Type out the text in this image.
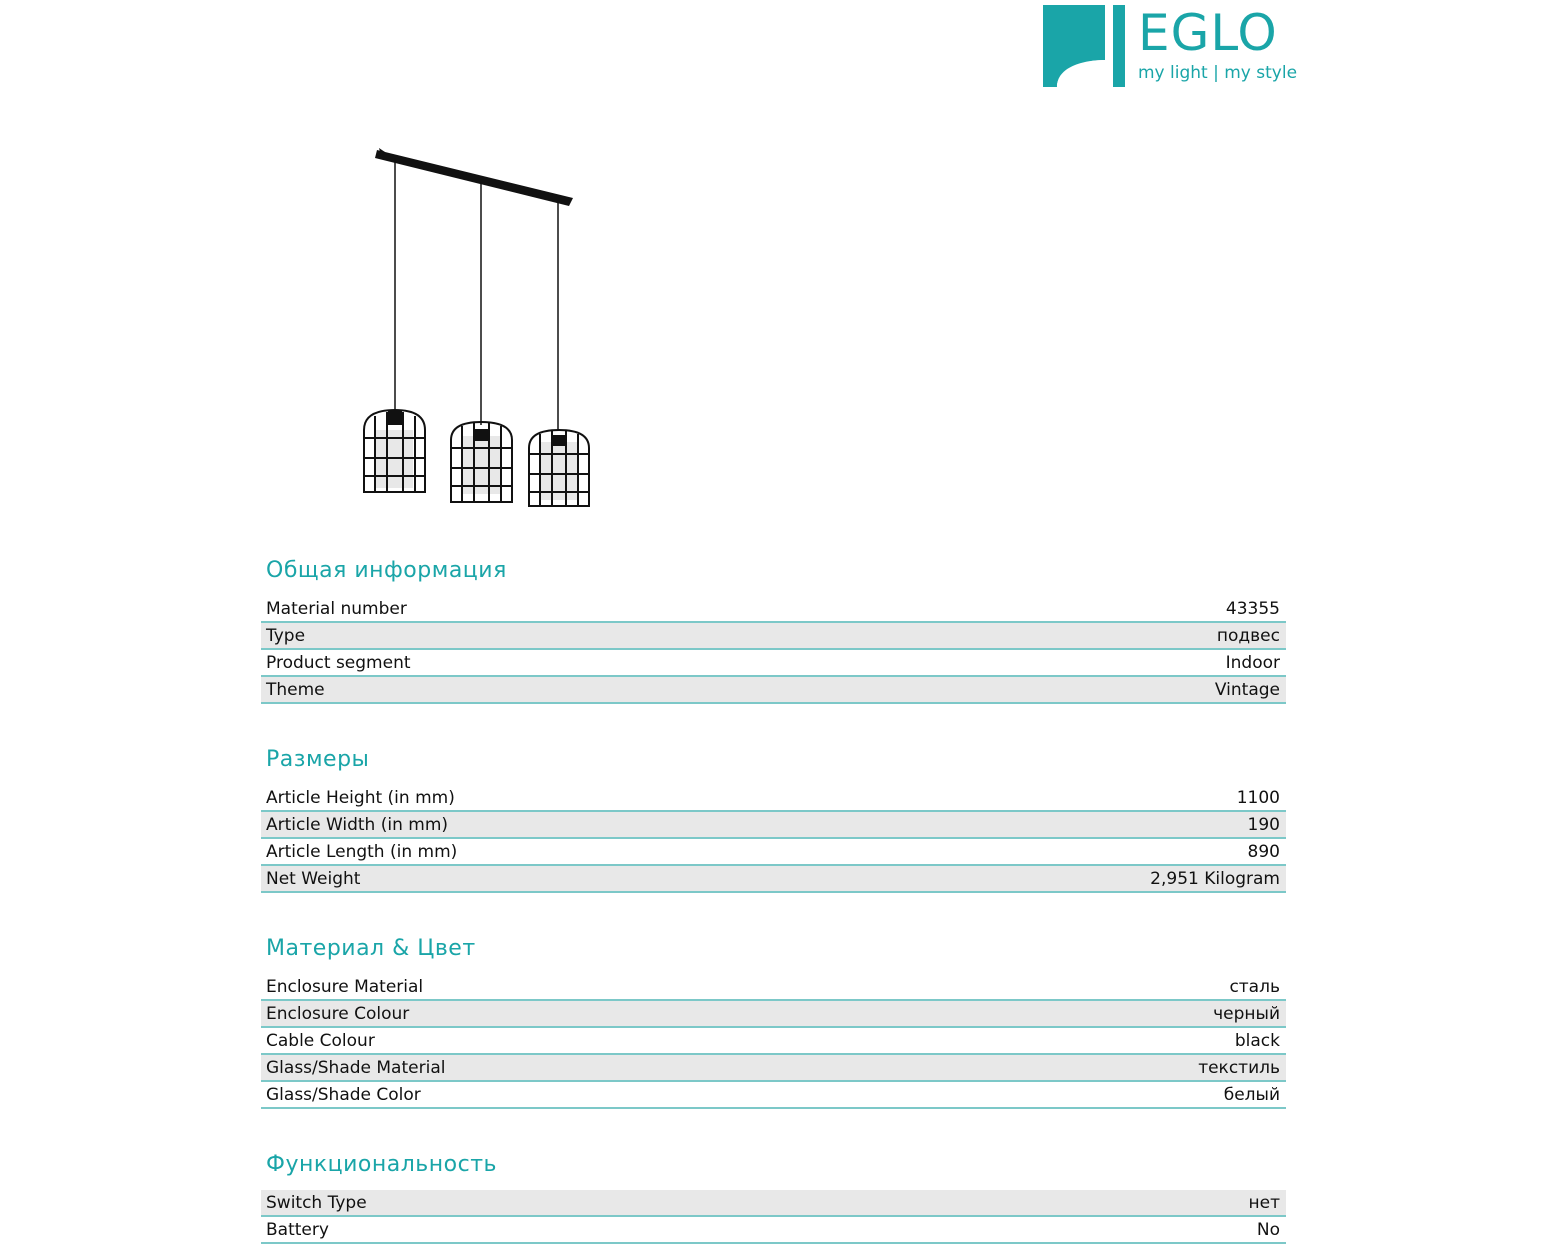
EGLO
my light | my style
Общая информация
Material number	43355
Type	подвес
Product segment	Indoor
Theme	Vintage
Размеры
Article Height (in mm)	1100
Article Width (in mm)	190
Article Length (in mm)	890
Net Weight	2,951 Kilogram
Материал & Цвет
Enclosure Material	сталь
Enclosure Colour	черный
Cable Colour	black
Glass/Shade Material	текстиль
Glass/Shade Color	белый
Функциональность
Switch Type	нет
Battery	No
